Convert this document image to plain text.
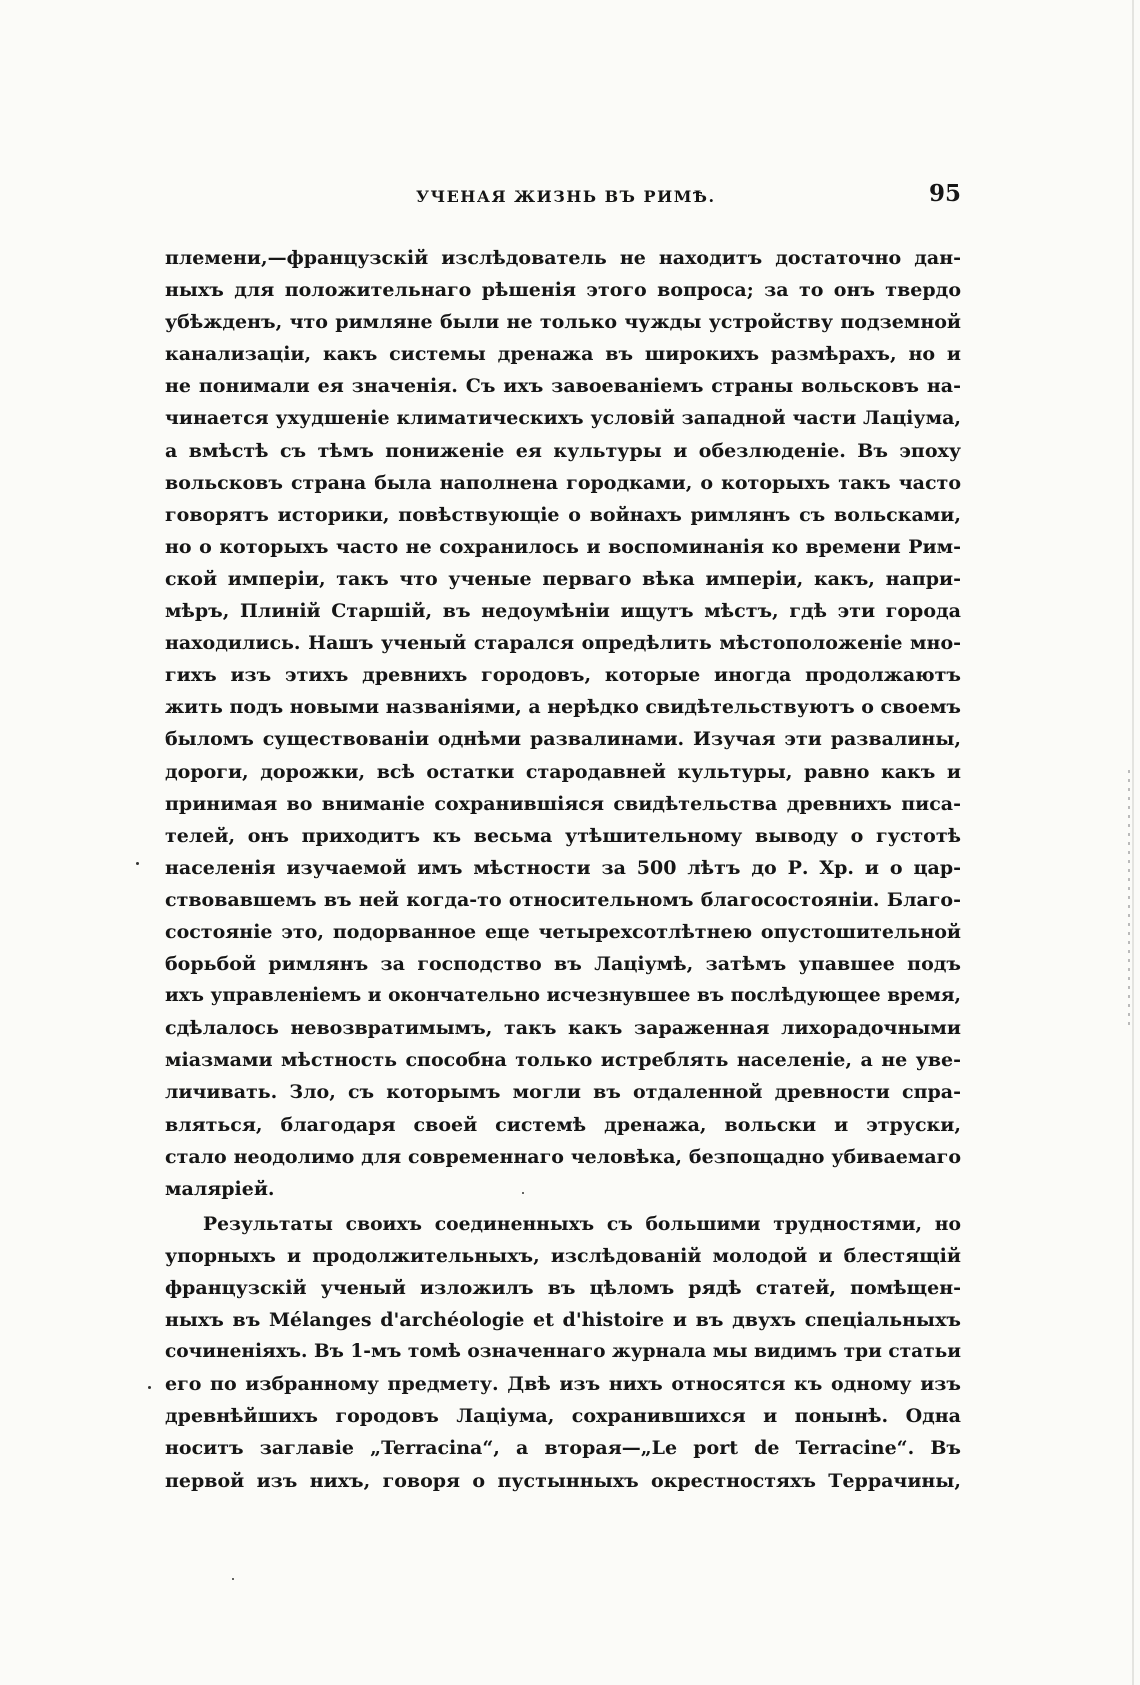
УЧЕНАЯ ЖИЗНЬ ВЪ РИМѢ.	95
племени,—французскій изслѣдователь не находитъ достаточно дан-
ныхъ для положительнаго рѣшенія этого вопроса; за то онъ твердо
убѣжденъ, что римляне были не только чужды устройству подземной
канализаціи, какъ системы дренажа въ широкихъ размѣрахъ, но и
не понимали ея значенія. Съ ихъ завоеваніемъ страны вольсковъ на-
чинается ухудшеніе климатическихъ условій западной части Лаціума,
а вмѣстѣ съ тѣмъ пониженіе ея культуры и обезлюденіе. Въ эпоху
вольсковъ страна была наполнена городками, о которыхъ такъ часто
говорятъ историки, повѣствующіе о войнахъ римлянъ съ вольсками,
но о которыхъ часто не сохранилось и воспоминанія ко времени Рим-
ской имперіи, такъ что ученые перваго вѣка имперіи, какъ, напри-
мѣръ, Плиній Старшій, въ недоумѣніи ищутъ мѣстъ, гдѣ эти города
находились. Нашъ ученый старался опредѣлить мѣстоположеніе мно-
гихъ изъ этихъ древнихъ городовъ, которые иногда продолжаютъ
жить подъ новыми названіями, а нерѣдко свидѣтельствуютъ о своемъ
быломъ существованіи однѣми развалинами. Изучая эти развалины,
дороги, дорожки, всѣ остатки стародавней культуры, равно какъ и
принимая во вниманіе сохранившіяся свидѣтельства древнихъ писа-
телей, онъ приходитъ къ весьма утѣшительному выводу о густотѣ
населенія изучаемой имъ мѣстности за 500 лѣтъ до Р. Хр. и о цар-
ствовавшемъ въ ней когда-то относительномъ благосостояніи. Благо-
состояніе это, подорванное еще четырехсотлѣтнею опустошительной
борьбой римлянъ за господство въ Лаціумѣ, затѣмъ упавшее подъ
ихъ управленіемъ и окончательно исчезнувшее въ послѣдующее время,
сдѣлалось невозвратимымъ, такъ какъ зараженная лихорадочными
міазмами мѣстность способна только истреблять населеніе, а не уве-
личивать. Зло, съ которымъ могли въ отдаленной древности спра-
вляться, благодаря своей системѣ дренажа, вольски и этруски,
стало неодолимо для современнаго человѣка, безпощадно убиваемаго
маляріей.
Результаты своихъ соединенныхъ съ большими трудностями, но
упорныхъ и продолжительныхъ, изслѣдованій молодой и блестящій
французскій ученый изложилъ въ цѣломъ рядѣ статей, помѣщен-
ныхъ въ Mélanges d'archéologie et d'histoire и въ двухъ спеціальныхъ
сочиненіяхъ. Въ 1-мъ томѣ означеннаго журнала мы видимъ три статьи
его по избранному предмету. Двѣ изъ нихъ относятся къ одному изъ
древнѣйшихъ городовъ Лаціума, сохранившихся и понынѣ. Одна
носитъ заглавіе „Terracina“, а вторая—„Le port de Terracine“. Въ
первой изъ нихъ, говоря о пустынныхъ окрестностяхъ Террачины,
